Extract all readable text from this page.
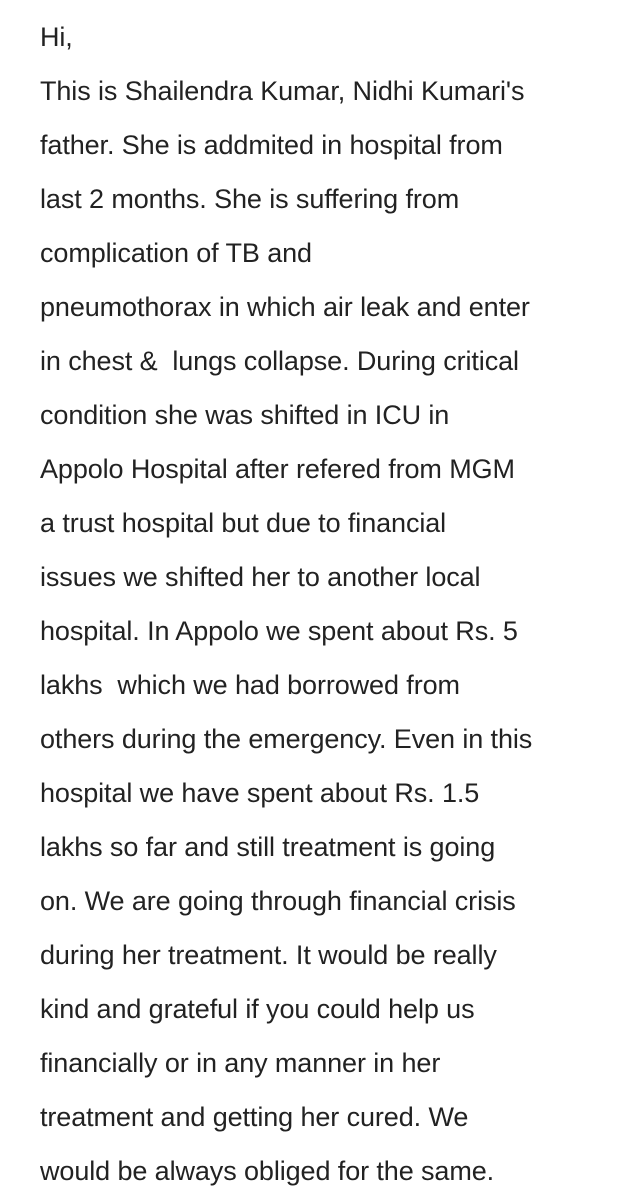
Hi,
This is Shailendra Kumar, Nidhi Kumari's
father. She is addmited in hospital from
last 2 months. She is suffering from
complication of TB and
pneumothorax in which air leak and enter
in chest &  lungs collapse. During critical
condition she was shifted in ICU in
Appolo Hospital after refered from MGM
a trust hospital but due to financial
issues we shifted her to another local
hospital. In Appolo we spent about Rs. 5
lakhs  which we had borrowed from
others during the emergency. Even in this
hospital we have spent about Rs. 1.5
lakhs so far and still treatment is going
on. We are going through financial crisis
during her treatment. It would be really
kind and grateful if you could help us
financially or in any manner in her
treatment and getting her cured. We
would be always obliged for the same.
